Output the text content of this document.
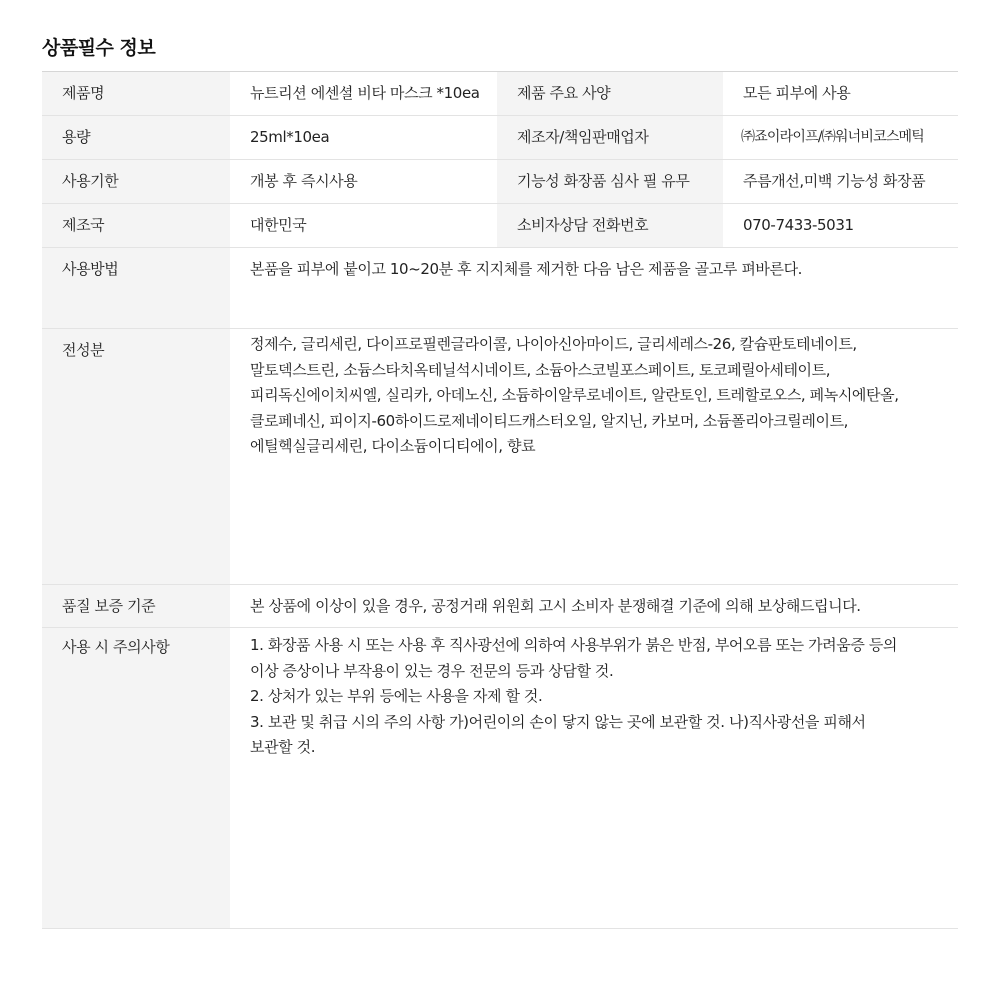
상품필수 정보
제품명	뉴트리션 에센셜 비타 마스크 *10ea	제품 주요 사양	모든 피부에 사용

용량	25ml*10ea	제조자/책임판매업자	㈜죠이라이프/㈜워너비코스메틱

사용기한	개봉 후 즉시사용	기능성 화장품 심사 필 유무	주름개선,미백 기능성 화장품

제조국	대한민국	소비자상담 전화번호	070-7433-5031

사용방법	본품을 피부에 붙이고 10~20분 후 지지체를 제거한 다음 남은 제품을 골고루 펴바른다.		

전성분	정제수, 글리세린, 다이프로필렌글라이콜, 나이아신아마이드, 글리세레스-26, 칼슘판토테네이트,
말토덱스트린, 소듐스타치옥테닐석시네이트, 소듐아스코빌포스페이트, 토코페릴아세테이트,
피리독신에이치씨엘, 실리카, 아데노신, 소듐하이알루로네이트, 알란토인, 트레할로오스, 페녹시에탄올,
클로페네신, 피이지-60하이드로제네이티드캐스터오일, 알지닌, 카보머, 소듐폴리아크릴레이트,
에틸헥실글리세린, 다이소듐이디티에이, 향료		

품질 보증 기준	본 상품에 이상이 있을 경우, 공정거래 위원회 고시 소비자 분쟁해결 기준에 의해 보상해드립니다.		

사용 시 주의사항	1. 화장품 사용 시 또는 사용 후 직사광선에 의하여 사용부위가 붉은 반점, 부어오름 또는 가려움증 등의
이상 증상이나 부작용이 있는 경우 전문의 등과 상담할 것.
2. 상처가 있는 부위 등에는 사용을 자제 할 것.
3. 보관 및 취급 시의 주의 사항 가)어린이의 손이 닿지 않는 곳에 보관할 것. 나)직사광선을 피해서
보관할 것.		
